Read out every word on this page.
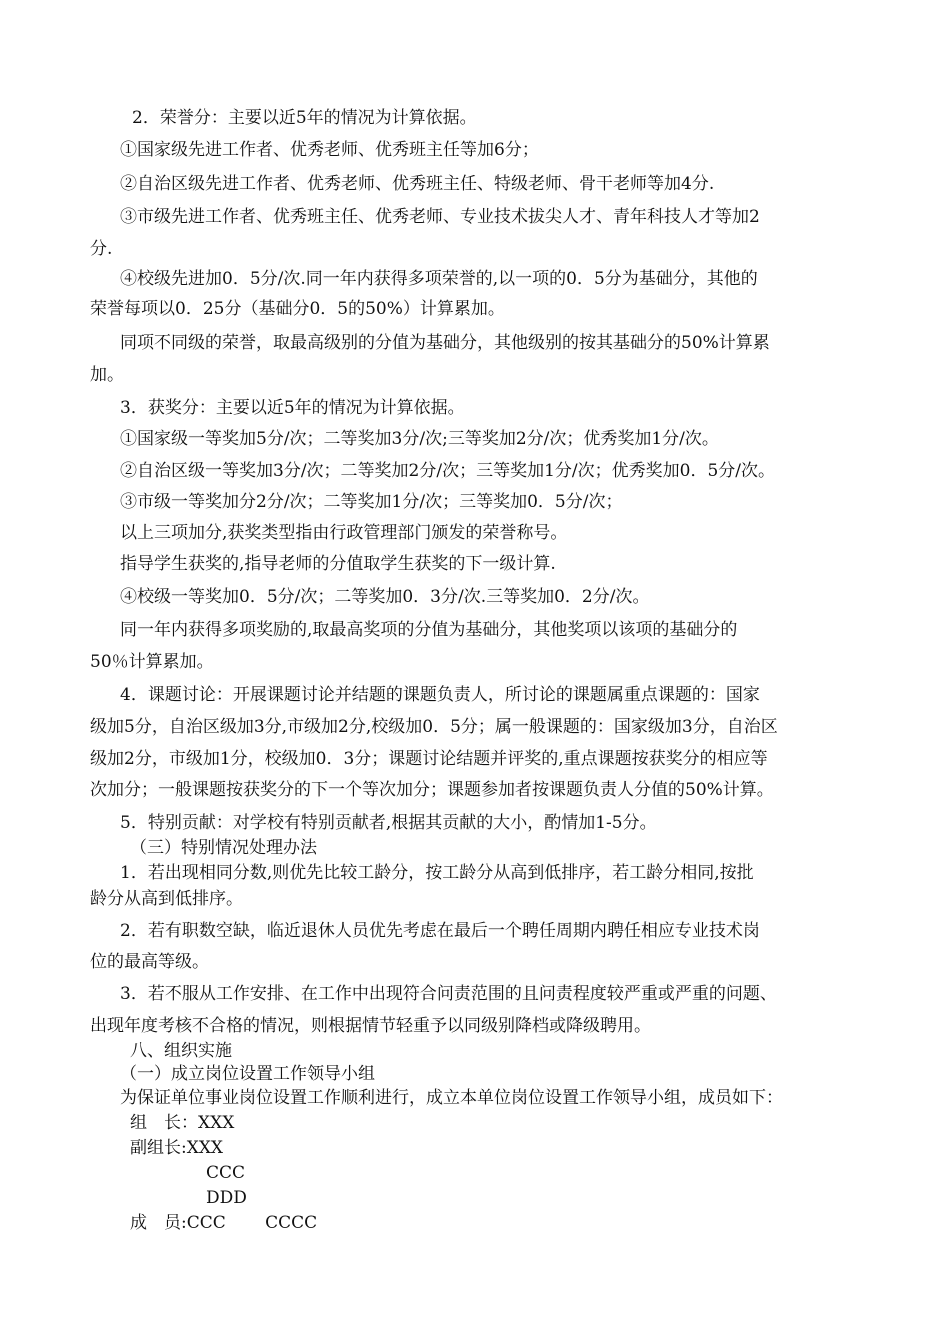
2．荣誉分：主要以近5年的情况为计算依据。
①国家级先进工作者、优秀老师、优秀班主任等加6分；
②自治区级先进工作者、优秀老师、优秀班主任、特级老师、骨干老师等加4分.
③市级先进工作者、优秀班主任、优秀老师、专业技术拔尖人才、青年科技人才等加2
分.
④校级先进加0．5分/次.同一年内获得多项荣誉的,以一项的0．5分为基础分，其他的
荣誉每项以0．25分（基础分0．5的50%）计算累加。
同项不同级的荣誉，取最高级别的分值为基础分，其他级别的按其基础分的50%计算累
加。
3．获奖分：主要以近5年的情况为计算依据。
①国家级一等奖加5分/次；二等奖加3分/次;三等奖加2分/次；优秀奖加1分/次。
②自治区级一等奖加3分/次；二等奖加2分/次；三等奖加1分/次；优秀奖加0．5分/次。
③市级一等奖加分2分/次；二等奖加1分/次；三等奖加0．5分/次；
以上三项加分,获奖类型指由行政管理部门颁发的荣誉称号。
指导学生获奖的,指导老师的分值取学生获奖的下一级计算.
④校级一等奖加0．5分/次；二等奖加0．3分/次.三等奖加0．2分/次。
同一年内获得多项奖励的,取最高奖项的分值为基础分，其他奖项以该项的基础分的
50％计算累加。
4．课题讨论：开展课题讨论并结题的课题负责人，所讨论的课题属重点课题的：国家
级加5分，自治区级加3分,市级加2分,校级加0．5分；属一般课题的：国家级加3分，自治区
级加2分，市级加1分，校级加0．3分；课题讨论结题并评奖的,重点课题按获奖分的相应等
次加分；一般课题按获奖分的下一个等次加分；课题参加者按课题负责人分值的50%计算。
5．特别贡献：对学校有特别贡献者,根据其贡献的大小，酌情加1-5分。
（三）特别情况处理办法
1．若出现相同分数,则优先比较工龄分，按工龄分从高到低排序，若工龄分相同,按批
龄分从高到低排序。
2．若有职数空缺，临近退休人员优先考虑在最后一个聘任周期内聘任相应专业技术岗
位的最高等级。
3．若不服从工作安排、在工作中出现符合问责范围的且问责程度较严重或严重的问题、
出现年度考核不合格的情况，则根据情节轻重予以同级别降档或降级聘用。
八、组织实施
（一）成立岗位设置工作领导小组
为保证单位事业岗位设置工作顺利进行，成立本单位岗位设置工作领导小组，成员如下：
组　长：XXX
副组长:XXX
CCC
DDD
成　员:CCC　　 CCCC
